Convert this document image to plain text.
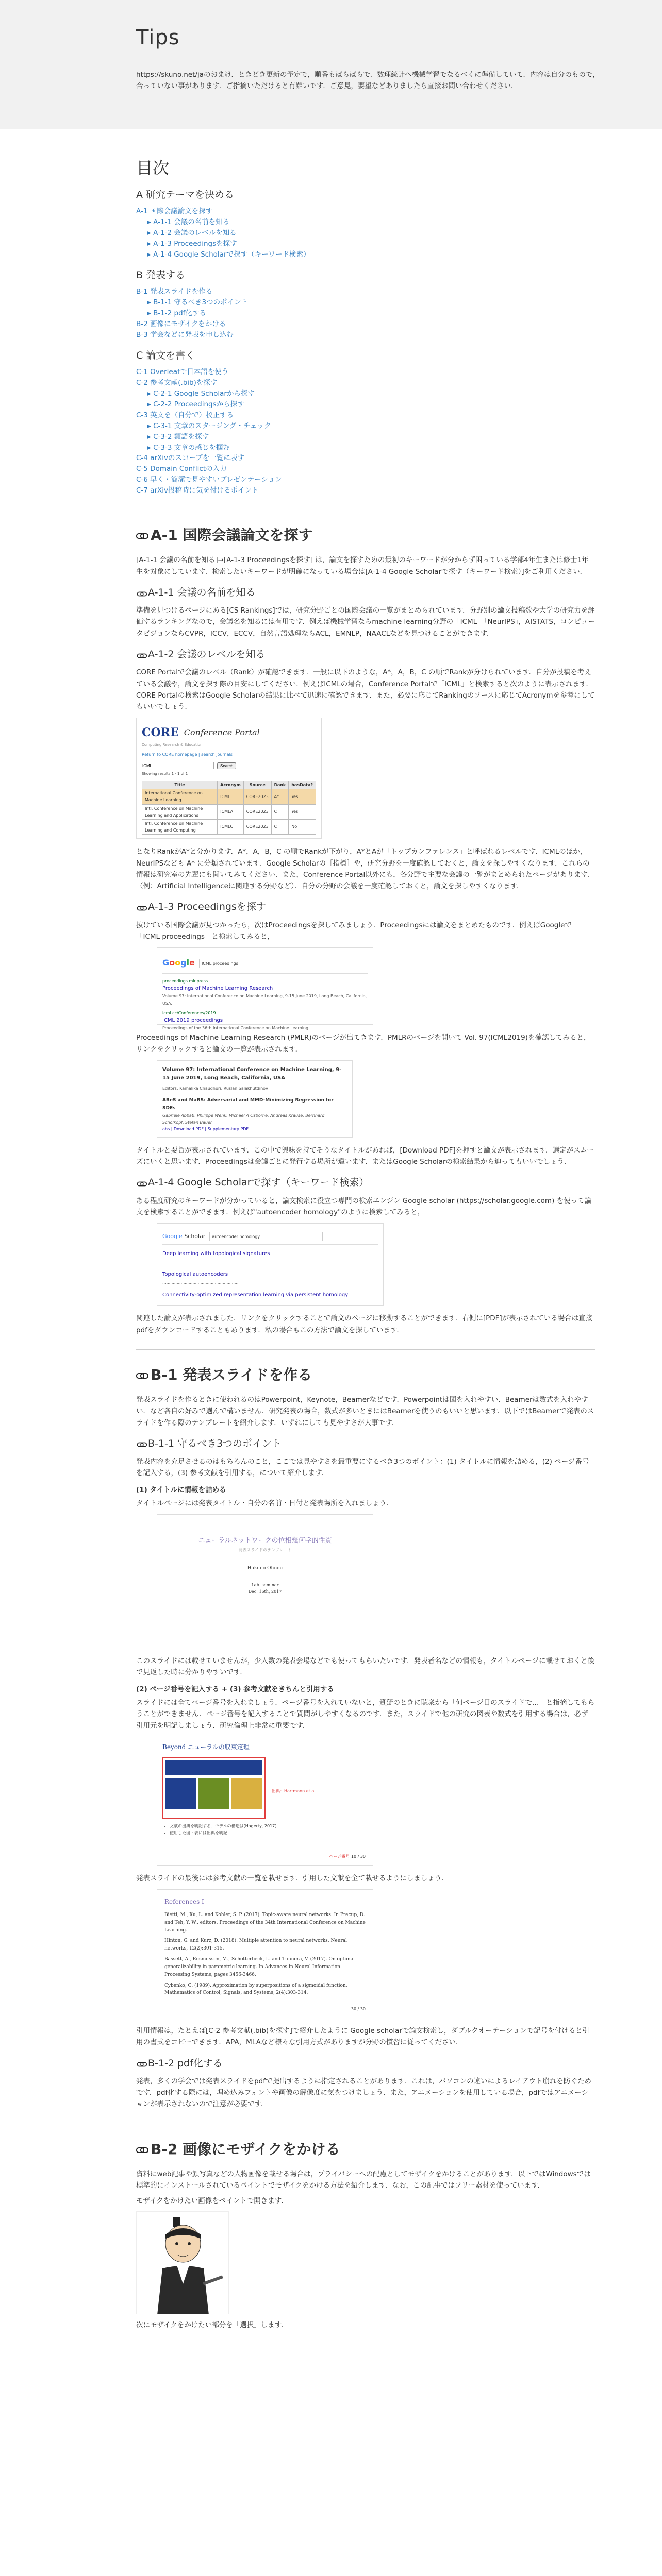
Tips

https://skuno.net/jaのおまけ．ときどき更新の予定で，順番もばらばらで．数理統計へ機械学習でなるべくに準備していて．内容は自分のもので，合っていない事があります．ご指摘いただけると有難いです．ご意見，要望などありましたら直接お問い合わせください．

目次
A 研究テーマを決める
A-1 国際会議論文を探す
▸ A-1-1 会議の名前を知る
▸ A-1-2 会議のレベルを知る
▸ A-1-3 Proceedingsを探す
▸ A-1-4 Google Scholarで探す（キーワード検索）
B 発表する
B-1 発表スライドを作る
▸ B-1-1 守るべき3つのポイント
▸ B-1-2 pdf化する
B-2 画像にモザイクをかける
B-3 学会などに発表を申し込む
C 論文を書く
C-1 Overleafで日本語を使う
C-2 参考文献(.bib)を探す
▸ C-2-1 Google Scholarから探す
▸ C-2-2 Proceedingsから探す
C-3 英文を（自分で）校正する
▸ C-3-1 文章のスタージング・チェック
▸ C-3-2 類語を探す
▸ C-3-3 文章の感じを掴む
C-4 arXivのスコープを一覧に表す
C-5 Domain Conflictの入力
C-6 早く・簡潔で見やすいプレゼンテーション
C-7 arXiv投稿時に気を付けるポイント
A-1 国際会議論文を探す

[A-1-1 会議の名前を知る]→[A-1-3 Proceedingsを探す] は，論文を探すための最初のキーワードが分からず困っている学部4年生または修士1年生を対象にしています．検索したいキーワードが明確になっている場合は[A-1-4 Google Scholarで探す（キーワード検索）]をご利用ください．

A-1-1 会議の名前を知る

準備を見つけるページにある[CS Rankings]では，研究分野ごとの国際会議の一覧がまとめられています．分野別の論文投稿数や大学の研究力を評価するランキングなので，会議名を知るには有用です．例えば機械学習ならmachine learning分野の「ICML」「NeurIPS」，AISTATS，コンピュータビジョンならCVPR，ICCV，ECCV，自然言語処理ならACL，EMNLP，NAACLなどを見つけることができます．

A-1-2 会議のレベルを知る

CORE Portalで会議のレベル（Rank）が確認できます．一般に以下のような，A*，A，B，C の順でRankが分けられています．自分が投稿を考えている会議や，論文を探す際の目安にしてください．例えばICMLの場合，Conference Portalで「ICML」と検索すると次のように表示されます．CORE Portalの検索はGoogle Scholarの結果に比べて迅速に確認できます．また，必要に応じてRankingのソースに応じてAcronymを参考にしてもいいでしょう．

CORE Conference Portal
Computing Research & Education
Return to CORE homepage | search journals
ICML
Search
Showing results 1 - 1 of 1
Title	Acronym	Source	Rank	hasData?
International Conference on Machine Learning	ICML	CORE2023	A*	Yes
Intl. Conference on Machine Learning and Applications	ICMLA	CORE2023	C	Yes
Intl. Conference on Machine Learning and Computing	ICMLC	CORE2023	C	No

となりRankがA*と分かります．A*，A，B，C の順でRankが下がり，A*とAが「トップカンファレンス」と呼ばれるレベルです．ICMLのほか，NeurIPSなども A* に分類されています．Google Scholarの［指標］や，研究分野を一度確認しておくと，論文を探しやすくなります．これらの情報は研究室の先輩にも聞いてみてください．また，Conference Portal以外にも，各分野で主要な会議の一覧がまとめられたページがあります．（例：Artificial Intelligenceに関連する分野など）．自分の分野の会議を一度確認しておくと，論文を探しやすくなります．

A-1-3 Proceedingsを探す

抜けている国際会議が見つかったら，次はProceedingsを探してみましょう．Proceedingsには論文をまとめたものです．例えばGoogleで「ICML proceedings」と検索してみると，

Google	ICML proceedings
proceedings.mlr.press
Proceedings of Machine Learning Research
Volume 97: International Conference on Machine Learning, 9-15 June 2019, Long Beach, California, USA.
icml.cc/Conferences/2019
ICML 2019 proceedings
Proceedings of the 36th International Conference on Machine Learning

Proceedings of Machine Learning Research (PMLR)のページが出てきます．PMLRのページを開いて Vol. 97(ICML2019)を確認してみると，リンクをクリックすると論文の一覧が表示されます．

Volume 97: International Conference on Machine Learning, 9-15 June 2019, Long Beach, California, USA
Editors: Kamalika Chaudhuri, Ruslan Salakhutdinov
AReS and MaRS: Adversarial and MMD-Minimizing Regression for SDEs
Gabriele Abbati, Philippe Wenk, Michael A Osborne, Andreas Krause, Bernhard Schölkopf, Stefan Bauer
abs | Download PDF | Supplementary PDF

タイトルと要旨が表示されています．この中で興味を持てそうなタイトルがあれば，[Download PDF]を押すと論文が表示されます．選定がスムーズにいくと思います．Proceedingsは会議ごとに発行する場所が違います．またはGoogle Scholarの検索結果から辿ってもいいでしょう．

A-1-4 Google Scholarで探す（キーワード検索）

ある程度研究のキーワードが分かっていると，論文検索に役立つ専門の検索エンジン Google scholar (https://scholar.google.com) を使って論文を検索することができます．例えば"autoencoder homology"のように検索してみると，

Google Scholar	autoencoder homology
Deep learning with topological signatures
..........................................................
Topological autoencoders
..........................................................
Connectivity-optimized representation learning via persistent homology

関連した論文が表示されました．リンクをクリックすることで論文のページに移動することができます．右側に[PDF]が表示されている場合は直接pdfをダウンロードすることもあります．私の場合もこの方法で論文を探しています．

B-1 発表スライドを作る

発表スライドを作るときに使われるのはPowerpoint，Keynote，Beamerなどです．Powerpointは図を入れやすい．Beamerは数式を入れやすい．など各自の好みで選んで構いません．研究発表の場合，数式が多いときにはBeamerを使うのもいいと思います．以下ではBeamerで発表のスライドを作る際のテンプレートを紹介します．いずれにしても見やすさが大事です．

B-1-1 守るべき3つのポイント

発表内容を充足させるのはもちろんのこと，ここでは見やすさを最重要にするべき3つのポイント：(1) タイトルに情報を詰める，(2) ページ番号を記入する，(3) 参考文献を引用する，について紹介します．

(1) タイトルに情報を詰める

タイトルページには発表タイトル・自分の名前・日付と発表場所を入れましょう．

ニューラルネットワークの位相幾何学的性質
発表スライドのテンプレート
Hakuno Ohnou
Lab. seminar
Dec. 16th, 2017

このスライドには載せていませんが，少人数の発表会場などでも使ってもらいたいです．発表者名などの情報も，タイトルページに載せておくと後で見返した時に分かりやすいです．

(2) ページ番号を記入する + (3) 参考文献をきちんと引用する

スライドには全てページ番号を入れましょう．ページ番号を入れていないと，質疑のときに聴衆から「何ページ目のスライドで…」と指摘してもらうことができません．ページ番号を記入することで質問がしやすくなるのです．また，スライドで他の研究の図表や数式を引用する場合は，必ず引用元を明記しましょう．研究倫理上非常に重要です．

Beyond ニューラルの収束定理
出典：Hartmann et al.
• 文献の出典を明記する．モデルの構造は[Hagerty, 2017]
• 使用した図・表には出典を明記
ページ番号 10 / 30

発表スライドの最後には参考文献の一覧を載せます．引用した文献を全て載せるようにしましょう．

References I

Bietti, M., Xu, L. and Kohler, S. P. (2017). Topic-aware neural networks. In Precup, D. and Teh, Y. W., editors, Proceedings of the 34th International Conference on Machine Learning.

Hinton, G. and Kurz, D. (2018). Multiple attention to neural networks. Neural networks, 12(2):301-315.

Bassett, A., Rusmussen, M., Schotterbeck, L. and Tunnera, V. (2017). On optimal generalizability in parametric learning. In Advances in Neural Information Processing Systems, pages 3456-3466.

Cybenko, G. (1989). Approximation by superpositions of a sigmoidal function. Mathematics of Control, Signals, and Systems, 2(4):303-314.

30 / 30

引用情報は，たとえば[C-2 参考文献(.bib)を探す]で紹介したように Google scholarで論文検索し，ダブルクオーテーションで記号を付けると引用の書式をコピーできます．APA，MLAなど様々な引用方式がありますが分野の慣習に従ってください．

B-1-2 pdf化する

発表，多くの学会では発表スライドをpdfで提出するように指定されることがあります．これは，パソコンの違いによるレイアウト崩れを防ぐためです．pdf化する際には，埋め込みフォントや画像の解像度に気をつけましょう．また，アニメーションを使用している場合，pdfではアニメーションが表示されないので注意が必要です．

B-2 画像にモザイクをかける

資料にweb記事や顔写真などの人物画像を載せる場合は，プライバシーへの配慮としてモザイクをかけることがあります．以下ではWindowsでは標準的にインストールされているペイントでモザイクをかける方法を紹介します．なお，この記事ではフリー素材を使っています．

モザイクをかけたい画像をペイントで開きます．

次にモザイクをかけたい部分を「選択」します．
